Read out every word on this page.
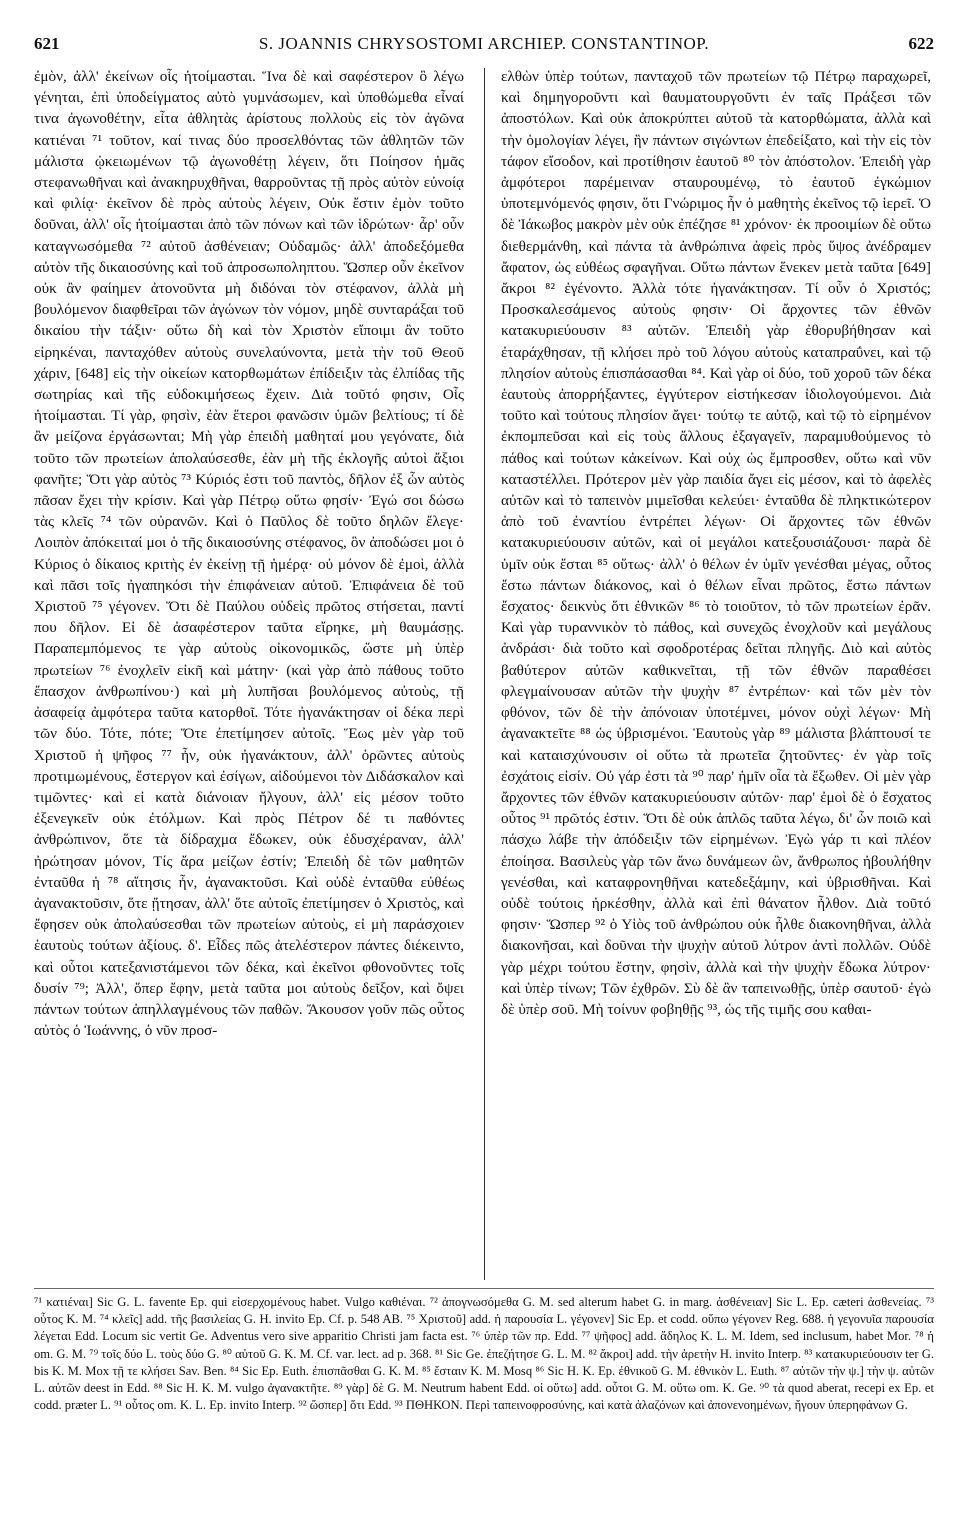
621	S. JOANNIS CHRYSOSTOMI ARCHIEP. CONSTANTINOP.	622

ἐμὸν, ἀλλ' ἐκείνων οἷς ἡτοίμασται. Ἵνα δὲ καὶ σαφέστερον ὃ λέγω γένηται, ἐπὶ ὑποδείγματος αὐτὸ γυμνάσωμεν, καὶ ὑποθώμεθα εἶναί τινα ἀγωνοθέτην, εἶτα ἀθλητὰς ἀρίστους πολλοὺς εἰς τὸν ἀγῶνα κατιέναι ⁷¹ τοῦτον, καί τινας δύο προσελθόντας τῶν ἀθλητῶν τῶν μάλιστα ᾠκειωμένων τῷ ἀγωνοθέτῃ λέγειν, ὅτι Ποίησον ἡμᾶς στεφανωθῆναι καὶ ἀνακηρυχθῆναι, θαρροῦντας τῇ πρὸς αὐτὸν εὐνοίᾳ καὶ φιλίᾳ· ἐκεῖνον δὲ πρὸς αὐτοὺς λέγειν, Οὐκ ἔστιν ἐμὸν τοῦτο δοῦναι, ἀλλ' οἷς ἡτοίμασται ἀπὸ τῶν πόνων καὶ τῶν ἱδρώτων· ἆρ' οὖν καταγνωσόμεθα ⁷² αὐτοῦ ἀσθένειαν; Οὐδαμῶς· ἀλλ' ἀποδεξόμεθα αὐτὸν τῆς δικαιοσύνης καὶ τοῦ ἀπροσωποληπτου. Ὥσπερ οὖν ἐκεῖνον οὐκ ἂν φαίημεν ἀτονοῦντα μὴ διδόναι τὸν στέφανον, ἀλλὰ μὴ βουλόμενον διαφθεῖραι τῶν ἀγώνων τὸν νόμον, μηδὲ συνταράξαι τοῦ δικαίου τὴν τάξιν· οὕτω δὴ καὶ τὸν Χριστὸν εἴποιμι ἂν τοῦτο εἰρηκέναι, πανταχόθεν αὐτοὺς συνελαύνοντα, μετὰ τὴν τοῦ Θεοῦ χάριν, [648] εἰς τὴν οἰκείων κατορθωμάτων ἐπίδειξιν τὰς ἐλπίδας τῆς σωτηρίας καὶ τῆς εὐδοκιμήσεως ἔχειν. Διὰ τοῦτό φησιν, Οἷς ἡτοίμασται. Τί γὰρ, φησὶν, ἐὰν ἕτεροι φανῶσιν ὑμῶν βελτίους; τί δὲ ἂν μείζονα ἐργάσωνται; Μὴ γὰρ ἐπειδὴ μαθηταί μου γεγόνατε, διὰ τοῦτο τῶν πρωτείων ἀπολαύσεσθε, ἐὰν μὴ τῆς ἐκλογῆς αὐτοὶ ἄξιοι φανῆτε; Ὅτι γὰρ αὐτὸς ⁷³ Κύριός ἐστι τοῦ παντὸς, δῆλον ἐξ ὧν αὐτὸς πᾶσαν ἔχει τὴν κρίσιν. Καὶ γὰρ Πέτρῳ οὕτω φησίν· Ἐγώ σοι δώσω τὰς κλεῖς ⁷⁴ τῶν οὐρανῶν. Καὶ ὁ Παῦλος δὲ τοῦτο δηλῶν ἔλεγε· Λοιπὸν ἀπόκειταί μοι ὁ τῆς δικαιοσύνης στέφανος, ὃν ἀποδώσει μοι ὁ Κύριος ὁ δίκαιος κριτὴς ἐν ἐκείνῃ τῇ ἡμέρᾳ· οὐ μόνον δὲ ἐμοὶ, ἀλλὰ καὶ πᾶσι τοῖς ἠγαπηκόσι τὴν ἐπιφάνειαν αὐτοῦ. Ἐπιφάνεια δὲ τοῦ Χριστοῦ ⁷⁵ γέγονεν. Ὅτι δὲ Παύλου οὐδεὶς πρῶτος στήσεται, παντί που δῆλον. Εἰ δὲ ἀσαφέστερον ταῦτα εἴρηκε, μὴ θαυμάσῃς. Παραπεμπόμενος τε γὰρ αὐτοὺς οἰκονομικῶς, ὥστε μὴ ὑπὲρ πρωτείων ⁷⁶ ἐνοχλεῖν εἰκῆ καὶ μάτην· (καὶ γὰρ ἀπὸ πάθους τοῦτο ἔπασχον ἀνθρωπίνου·) καὶ μὴ λυπῆσαι βουλόμενος αὐτοὺς, τῇ ἀσαφείᾳ ἀμφότερα ταῦτα κατορθοῖ. Τότε ἠγανάκτησαν οἱ δέκα περὶ τῶν δύο. Τότε, πότε; Ὅτε ἐπετίμησεν αὐτοῖς. Ἕως μὲν γὰρ τοῦ Χριστοῦ ἡ ψῆφος ⁷⁷ ἦν, οὐκ ἠγανάκτουν, ἀλλ' ὁρῶντες αὐτοὺς προτιμωμένους, ἔστεργον καὶ ἐσίγων, αἰδούμενοι τὸν Διδάσκαλον καὶ τιμῶντες· καὶ εἰ κατὰ διάνοιαν ἤλγουν, ἀλλ' εἰς μέσον τοῦτο ἐξενεγκεῖν οὐκ ἐτόλμων. Καὶ πρὸς Πέτρον δέ τι παθόντες ἀνθρώπινον, ὅτε τὰ δίδραχμα ἔδωκεν, οὐκ ἐδυσχέραναν, ἀλλ' ἠρώτησαν μόνον, Τίς ἄρα μείζων ἐστίν; Ἐπειδὴ δὲ τῶν μαθητῶν ἐνταῦθα ἡ ⁷⁸ αἴτησις ἦν, ἀγανακτοῦσι. Καὶ οὐδὲ ἐνταῦθα εὐθέως ἀγανακτοῦσιν, ὅτε ᾔτησαν, ἀλλ' ὅτε αὐτοῖς ἐπετίμησεν ὁ Χριστὸς, καὶ ἔφησεν οὐκ ἀπολαύσεσθαι τῶν πρωτείων αὐτοὺς, εἰ μὴ παράσχοιεν ἑαυτοὺς τούτων ἀξίους. δ'. Εἶδες πῶς ἀτελέστερον πάντες διέκειντο, καὶ οὗτοι κατεξανιστάμενοι τῶν δέκα, καὶ ἐκεῖνοι φθονοῦντες τοῖς δυσίν ⁷⁹; Ἀλλ', ὅπερ ἔφην, μετὰ ταῦτα μοι αὐτοὺς δεῖξον, καὶ ὄψει πάντων τούτων ἀπηλλαγμένους τῶν παθῶν. Ἄκουσον γοῦν πῶς οὗτος αὐτὸς ὁ Ἰωάννης, ὁ νῦν προσ-

ελθὼν ὑπὲρ τούτων, πανταχοῦ τῶν πρωτείων τῷ Πέτρῳ παραχωρεῖ, καὶ δημηγοροῦντι καὶ θαυματουργοῦντι ἐν ταῖς Πράξεσι τῶν ἀποστόλων. Καὶ οὐκ ἀποκρύπτει αὐτοῦ τὰ κατορθώματα, ἀλλὰ καὶ τὴν ὁμολογίαν λέγει, ἣν πάντων σιγώντων ἐπεδείξατο, καὶ τὴν εἰς τὸν τάφον εἴσοδον, καὶ προτίθησιν ἑαυτοῦ ⁸⁰ τὸν ἀπόστολον. Ἐπειδὴ γὰρ ἀμφότεροι παρέμειναν σταυρουμένῳ, τὸ ἑαυτοῦ ἐγκώμιον ὑποτεμνόμενός φησιν, ὅτι Γνώριμος ἦν ὁ μαθητὴς ἐκεῖνος τῷ ἱερεῖ. Ὁ δὲ Ἰάκωβος μακρὸν μὲν οὐκ ἐπέζησε ⁸¹ χρόνον· ἐκ προοιμίων δὲ οὕτω διεθερμάνθη, καὶ πάντα τὰ ἀνθρώπινα ἀφεὶς πρὸς ὕψος ἀνέδραμεν ἄφατον, ὡς εὐθέως σφαγῆναι. Οὕτω πάντων ἕνεκεν μετὰ ταῦτα [649] ἄκροι ⁸² ἐγένοντο. Ἀλλὰ τότε ἠγανάκτησαν. Τί οὖν ὁ Χριστός; Προσκαλεσάμενος αὐτοὺς φησιν· Οἱ ἄρχοντες τῶν ἐθνῶν κατακυριεύουσιν ⁸³ αὐτῶν. Ἐπειδὴ γὰρ ἐθορυβήθησαν καὶ ἐταράχθησαν, τῇ κλήσει πρὸ τοῦ λόγου αὐτοὺς καταπραΰνει, καὶ τῷ πλησίον αὐτοὺς ἐπισπάσασθαι ⁸⁴. Καὶ γὰρ οἱ δύο, τοῦ χοροῦ τῶν δέκα ἑαυτοὺς ἀπορρήξαντες, ἐγγύτερον εἱστήκεσαν ἰδιολογούμενοι. Διὰ τοῦτο καὶ τούτους πλησίον ἄγει· τούτῳ τε αὐτῷ, καὶ τῷ τὸ εἰρημένον ἐκπομπεῦσαι καὶ εἰς τοὺς ἄλλους ἐξαγαγεῖν, παραμυθούμενος τὸ πάθος καὶ τούτων κἀκείνων. Καὶ οὐχ ὡς ἔμπροσθεν, οὕτω καὶ νῦν καταστέλλει. Πρότερον μὲν γὰρ παιδία ἄγει εἰς μέσον, καὶ τὸ ἀφελὲς αὐτῶν καὶ τὸ ταπεινὸν μιμεῖσθαι κελεύει· ἐνταῦθα δὲ πληκτικώτερον ἀπὸ τοῦ ἐναντίου ἐντρέπει λέγων· Οἱ ἄρχοντες τῶν ἐθνῶν κατακυριεύουσιν αὐτῶν, καὶ οἱ μεγάλοι κατεξουσιάζουσι· παρὰ δὲ ὑμῖν οὐκ ἔσται ⁸⁵ οὕτως· ἀλλ' ὁ θέλων ἐν ὑμῖν γενέσθαι μέγας, οὗτος ἔστω πάντων διάκονος, καὶ ὁ θέλων εἶναι πρῶτος, ἔστω πάντων ἔσχατος· δεικνὺς ὅτι ἐθνικῶν ⁸⁶ τὸ τοιοῦτον, τὸ τῶν πρωτείων ἐρᾶν. Καὶ γὰρ τυραννικὸν τὸ πάθος, καὶ συνεχῶς ἐνοχλοῦν καὶ μεγάλους ἀνδράσι· διὰ τοῦτο καὶ σφοδροτέρας δεῖται πληγῆς. Διὸ καὶ αὐτὸς βαθύτερον αὐτῶν καθικνεῖται, τῇ τῶν ἐθνῶν παραθέσει φλεγμαίνουσαν αὐτῶν τὴν ψυχὴν ⁸⁷ ἐντρέπων· καὶ τῶν μὲν τὸν φθόνον, τῶν δὲ τὴν ἀπόνοιαν ὑποτέμνει, μόνον οὐχὶ λέγων· Μὴ ἀγανακτεῖτε ⁸⁸ ὡς ὑβρισμένοι. Ἑαυτοὺς γὰρ ⁸⁹ μάλιστα βλάπτουσί τε καὶ καταισχύνουσιν οἱ οὕτω τὰ πρωτεῖα ζητοῦντες· ἐν γὰρ τοῖς ἐσχάτοις εἰσίν. Οὐ γάρ ἐστι τὰ ⁹⁰ παρ' ἡμῖν οἷα τὰ ἔξωθεν. Οἱ μὲν γὰρ ἄρχοντες τῶν ἐθνῶν κατακυριεύουσιν αὐτῶν· παρ' ἐμοὶ δὲ ὁ ἔσχατος οὗτος ⁹¹ πρῶτός ἐστιν. Ὅτι δὲ οὐκ ἁπλῶς ταῦτα λέγω, δι' ὧν ποιῶ καὶ πάσχω λάβε τὴν ἀπόδειξιν τῶν εἰρημένων. Ἐγὼ γάρ τι καὶ πλέον ἐποίησα. Βασιλεὺς γὰρ τῶν ἄνω δυνάμεων ὢν, ἄνθρωπος ἠβουλήθην γενέσθαι, καὶ καταφρονηθῆναι κατεδεξάμην, καὶ ὑβρισθῆναι. Καὶ οὐδὲ τούτοις ἠρκέσθην, ἀλλὰ καὶ ἐπὶ θάνατον ἦλθον. Διὰ τοῦτό φησιν· Ὥσπερ ⁹² ὁ Υἱὸς τοῦ ἀνθρώπου οὐκ ἦλθε διακονηθῆναι, ἀλλὰ διακονῆσαι, καὶ δοῦναι τὴν ψυχὴν αὐτοῦ λύτρον ἀντὶ πολλῶν. Οὐδὲ γὰρ μέχρι τούτου ἔστην, φησὶν, ἀλλὰ καὶ τὴν ψυχὴν ἔδωκα λύτρον· καὶ ὑπὲρ τίνων; Τῶν ἐχθρῶν. Σὺ δὲ ἂν ταπεινωθῇς, ὑπὲρ σαυτοῦ· ἐγὼ δὲ ὑπὲρ σοῦ. Μὴ τοίνυν φοβηθῇς ⁹³, ὡς τῆς τιμῆς σου καθαι-

⁷¹ κατιέναι] Sic G. L. favente Ep. qui εἰσερχομένους habet. Vulgo καθιέναι. ⁷² ἀπογνωσόμεθα G. M. sed alterum habet G. in marg. ἀσθένειαν] Sic L. Ep. cæteri ἀσθενείας. ⁷³ οὗτος K. M. ⁷⁴ κλεῖς] add. τῆς βασιλείας G. H. invito Ep. Cf. p. 548 AB. ⁷⁵ Χριστοῦ] add. ἡ παρουσία L. γέγονεν] Sic Ep. et codd. οὕπω γέγονεν Reg. 688. ἡ γεγονυῖα παρουσία λέγεται Edd. Locum sic vertit Ge. Adventus vero sive apparitio Christi jam facta est. ⁷⁶ ὑπὲρ τῶν πρ. Edd. ⁷⁷ ψῆφος] add. ἄδηλος K. L. M. Idem, sed inclusum, habet Mor. ⁷⁸ ἡ om. G. M. ⁷⁹ τοῖς δύο L. τοὺς δύο G. ⁸⁰ αὐτοῦ G. K. M. Cf. var. lect. ad p. 368. ⁸¹ Sic Ge. ἐπεζήτησε G. L. M. ⁸² ἄκροι] add. τὴν ἀρετὴν H. invito Interp. ⁸³ κατακυριεύουσιν ter G. bis K. M. Mox τῇ τε κλήσει Sav. Ben. ⁸⁴ Sic Ep. Euth. ἐπισπᾶσθαι G. K. M. ⁸⁵ ἔσταιν K. M. Mosq ⁸⁶ Sic H. K. Ep. ἐθνικοῦ G. M. ἐθνικὸν L. Euth. ⁸⁷ αὐτῶν τὴν ψ.] τὴν ψ. αὐτῶν L. αὐτῶν deest in Edd. ⁸⁸ Sic H. K. M. vulgo ἀγανακτῆτε. ⁸⁹ γὰρ] δὲ G. M. Neutrum habent Edd. οἱ οὕτω] add. οὗτοι G. M. οὕτω om. K. Ge. ⁹⁰ τὰ quod aberat, recepi ex Ep. et codd. præter L. ⁹¹ οὗτος om. K. L. Ep. invito Interp. ⁹² ὥσπερ] ὅτι Edd. ⁹³ ΠΘΗΚΟΝ. Περὶ ταπεινοφροσύνης, καὶ κατὰ ἀλαζόνων καὶ ἀπονενοημένων, ἤγουν ὑπερηφάνων G.
